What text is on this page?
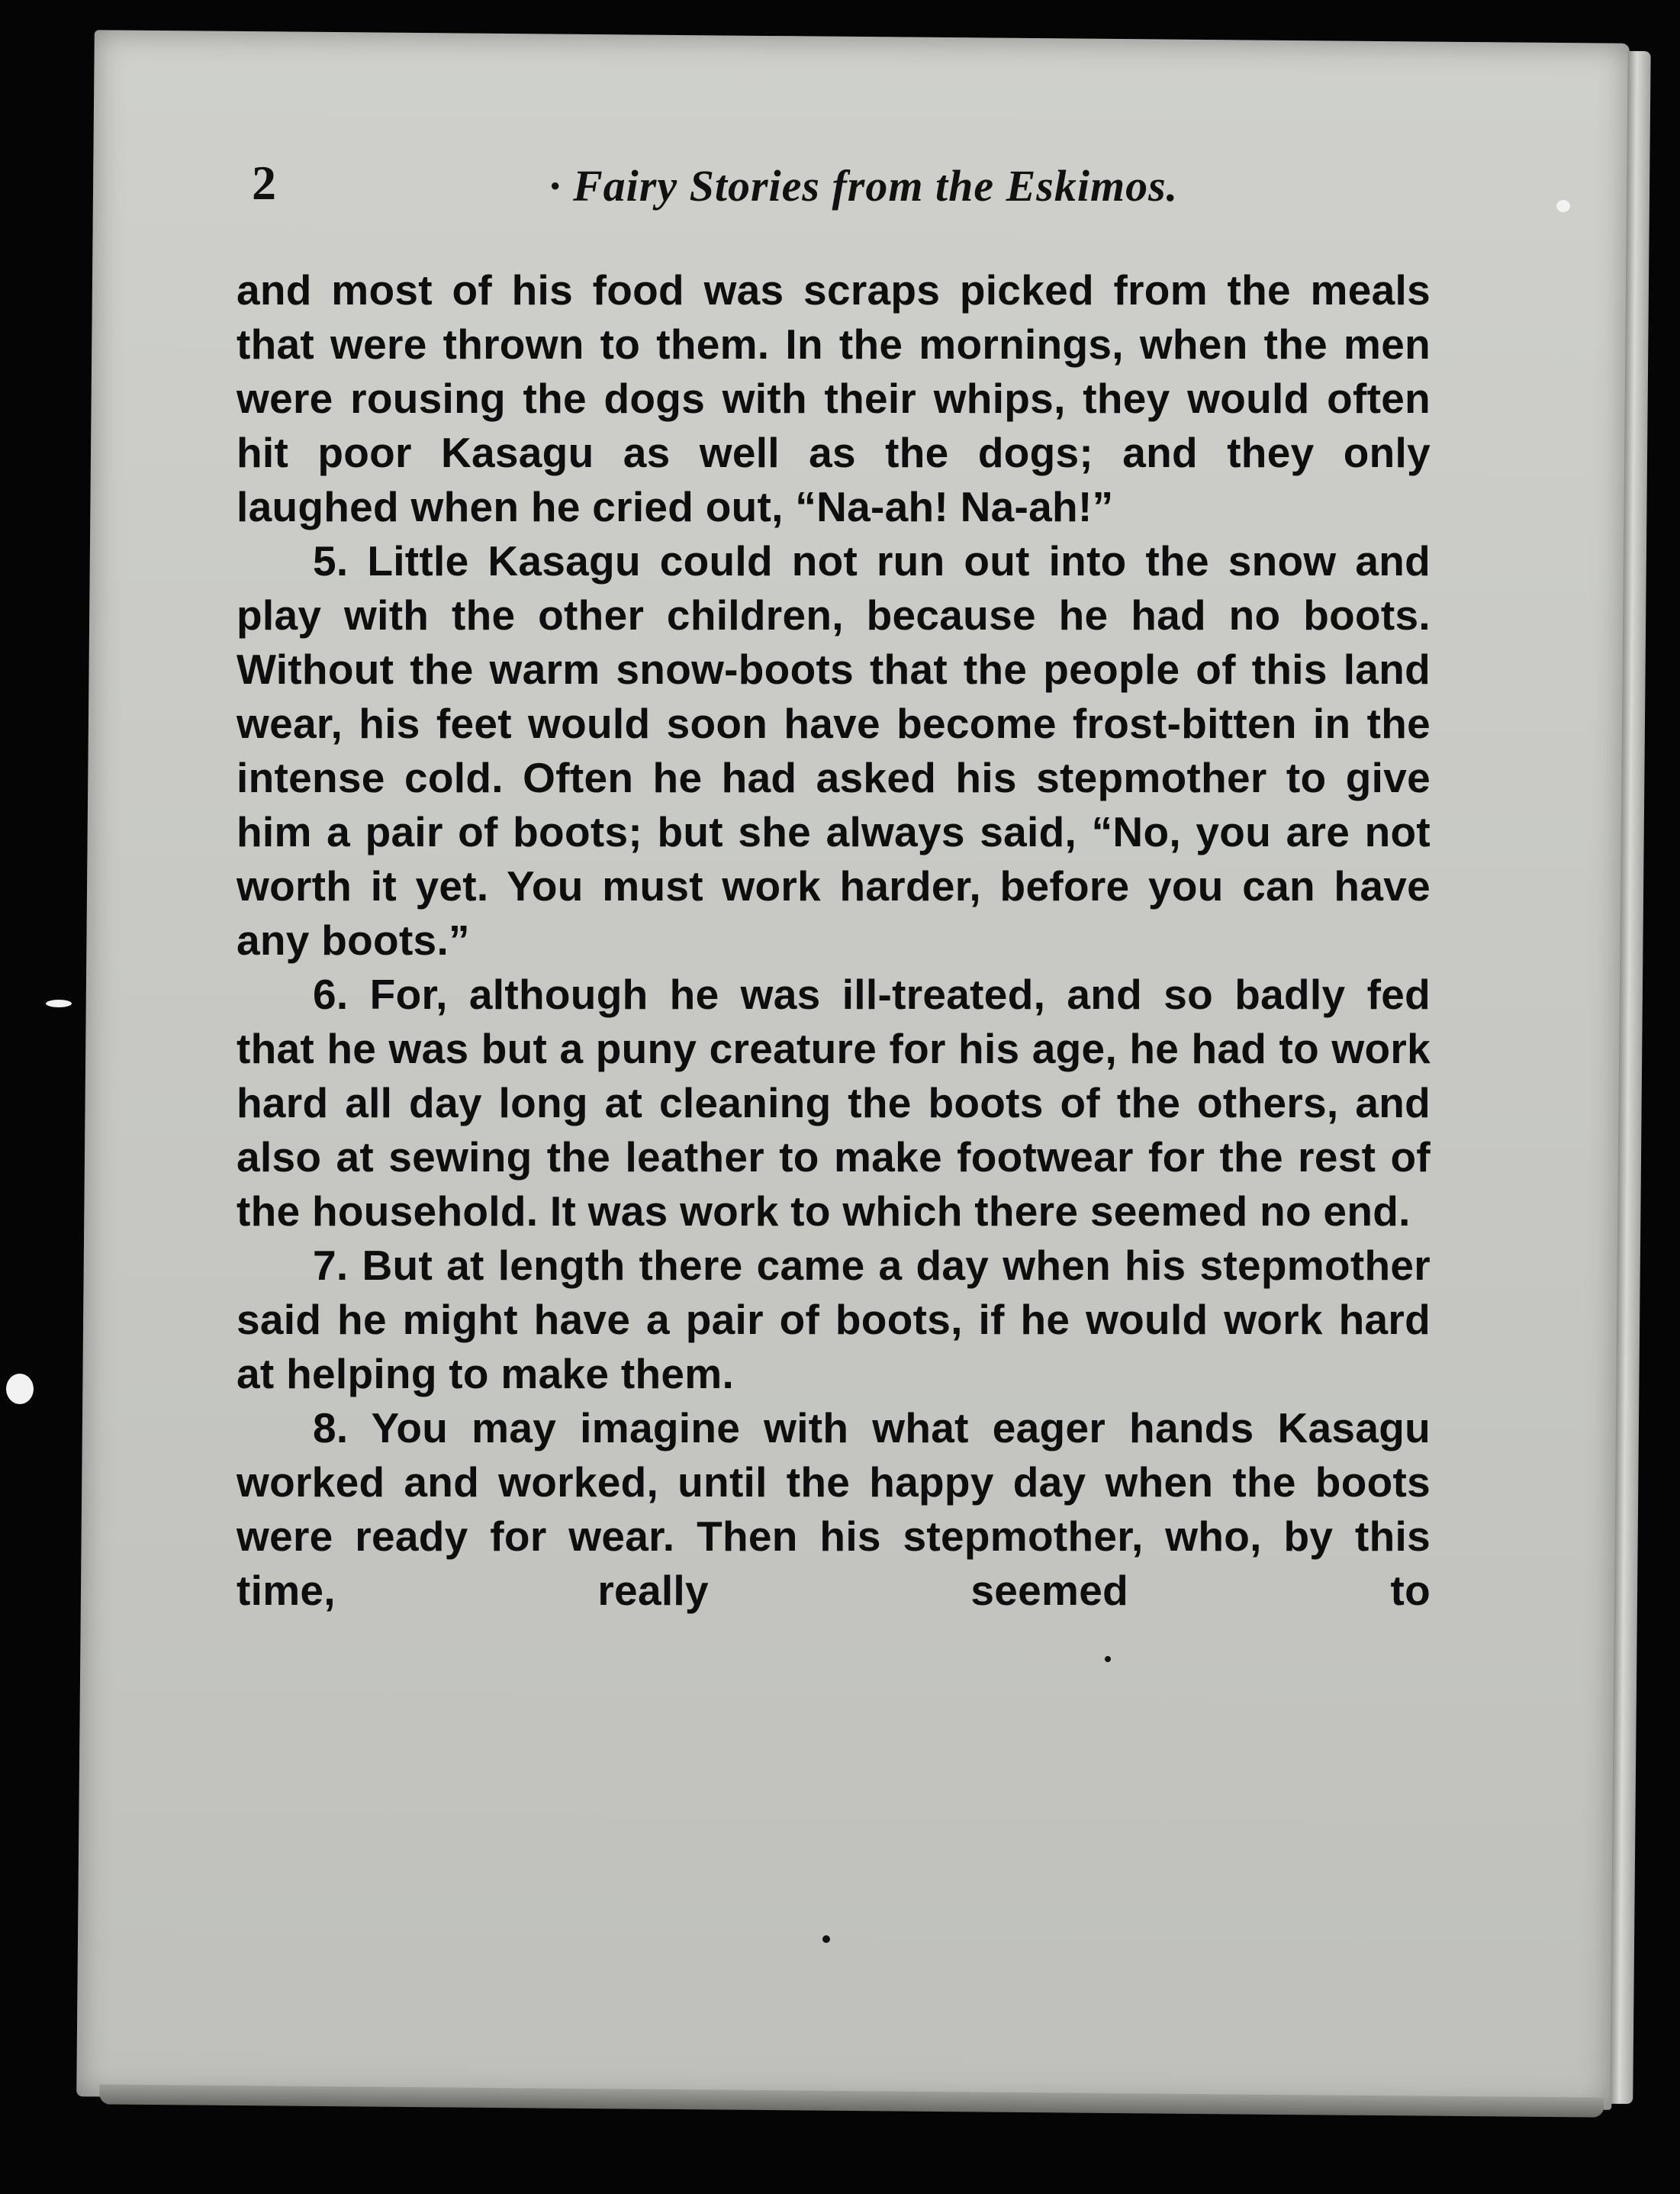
2	· Fairy Stories from the Eskimos.

and most of his food was scraps picked from the meals that were thrown to them. In the mornings, when the men were rousing the dogs with their whips, they would often hit poor Kasagu as well as the dogs; and they only laughed when he cried out, “Na-ah! Na-ah!”

5. Little Kasagu could not run out into the snow and play with the other children, because he had no boots. Without the warm snow-boots that the people of this land wear, his feet would soon have become frost-bitten in the intense cold. Often he had asked his stepmother to give him a pair of boots; but she always said, “No, you are not worth it yet. You must work harder, before you can have any boots.”

6. For, although he was ill-treated, and so badly fed that he was but a puny creature for his age, he had to work hard all day long at cleaning the boots of the others, and also at sewing the leather to make footwear for the rest of the household. It was work to which there seemed no end.

7. But at length there came a day when his stepmother said he might have a pair of boots, if he would work hard at helping to make them.

8. You may imagine with what eager hands Kasagu worked and worked, until the happy day when the boots were ready for wear. Then his stepmother, who, by this time, really seemed to
